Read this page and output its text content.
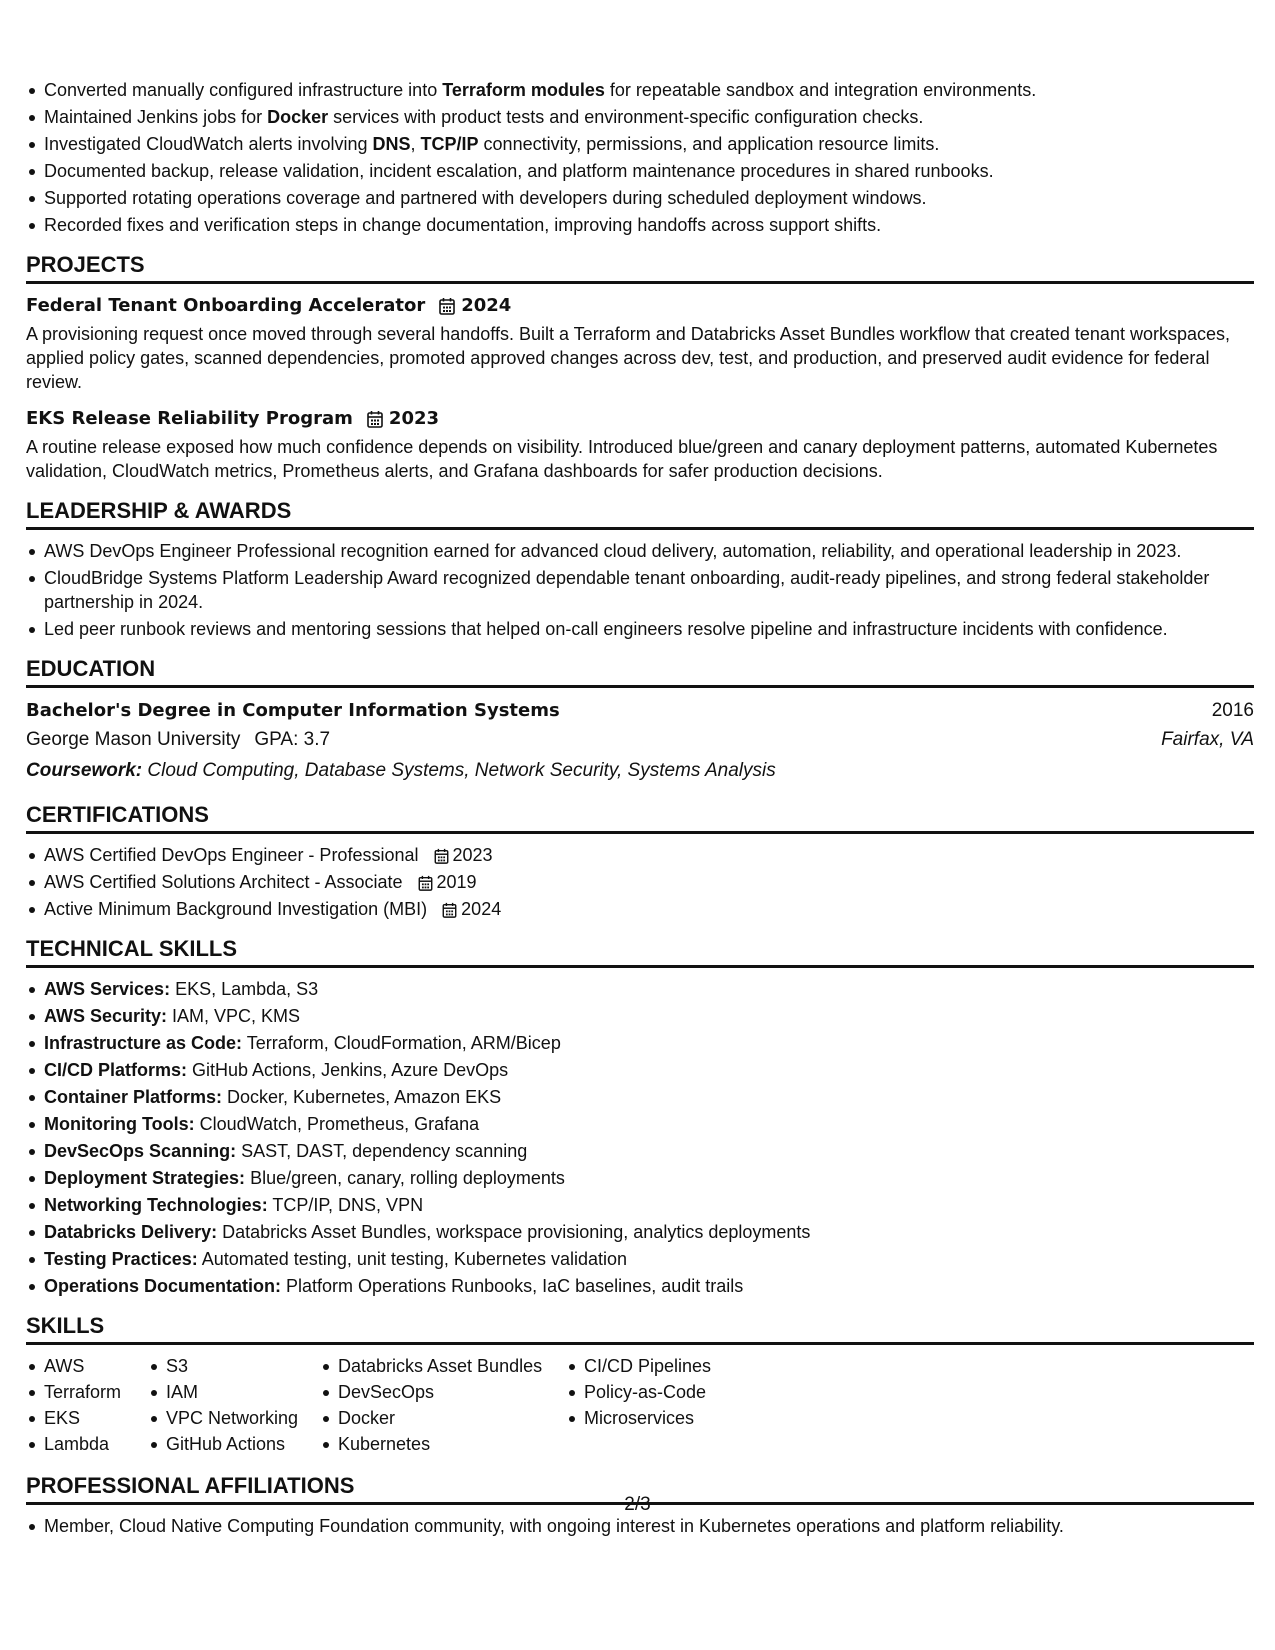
Converted manually configured infrastructure into Terraform modules for repeatable sandbox and integration environments.
Maintained Jenkins jobs for Docker services with product tests and environment-specific configuration checks.
Investigated CloudWatch alerts involving DNS, TCP/IP connectivity, permissions, and application resource limits.
Documented backup, release validation, incident escalation, and platform maintenance procedures in shared runbooks.
Supported rotating operations coverage and partnered with developers during scheduled deployment windows.
Recorded fixes and verification steps in change documentation, improving handoffs across support shifts.
PROJECTS
Federal Tenant Onboarding Accelerator 2024
A provisioning request once moved through several handoffs. Built a Terraform and Databricks Asset Bundles workflow that created tenant workspaces, applied policy gates, scanned dependencies, promoted approved changes across dev, test, and production, and preserved audit evidence for federal review.
EKS Release Reliability Program 2023
A routine release exposed how much confidence depends on visibility. Introduced blue/green and canary deployment patterns, automated Kubernetes validation, CloudWatch metrics, Prometheus alerts, and Grafana dashboards for safer production decisions.
LEADERSHIP & AWARDS
AWS DevOps Engineer Professional recognition earned for advanced cloud delivery, automation, reliability, and operational leadership in 2023.
CloudBridge Systems Platform Leadership Award recognized dependable tenant onboarding, audit-ready pipelines, and strong federal stakeholder partnership in 2024.
Led peer runbook reviews and mentoring sessions that helped on-call engineers resolve pipeline and infrastructure incidents with confidence.
EDUCATION
Bachelor's Degree in Computer Information Systems	2016
George Mason University GPA: 3.7	Fairfax, VA
Coursework: Cloud Computing, Database Systems, Network Security, Systems Analysis
CERTIFICATIONS
AWS Certified DevOps Engineer - Professional 2023
AWS Certified Solutions Architect - Associate 2019
Active Minimum Background Investigation (MBI) 2024
TECHNICAL SKILLS
AWS Services: EKS, Lambda, S3
AWS Security: IAM, VPC, KMS
Infrastructure as Code: Terraform, CloudFormation, ARM/Bicep
CI/CD Platforms: GitHub Actions, Jenkins, Azure DevOps
Container Platforms: Docker, Kubernetes, Amazon EKS
Monitoring Tools: CloudWatch, Prometheus, Grafana
DevSecOps Scanning: SAST, DAST, dependency scanning
Deployment Strategies: Blue/green, canary, rolling deployments
Networking Technologies: TCP/IP, DNS, VPN
Databricks Delivery: Databricks Asset Bundles, workspace provisioning, analytics deployments
Testing Practices: Automated testing, unit testing, Kubernetes validation
Operations Documentation: Platform Operations Runbooks, IaC baselines, audit trails
SKILLS
AWS
Terraform
EKS
Lambda
S3
IAM
VPC Networking
GitHub Actions
Databricks Asset Bundles
DevSecOps
Docker
Kubernetes
CI/CD Pipelines
Policy-as-Code
Microservices
PROFESSIONAL AFFILIATIONS
Member, Cloud Native Computing Foundation community, with ongoing interest in Kubernetes operations and platform reliability.
2/3
